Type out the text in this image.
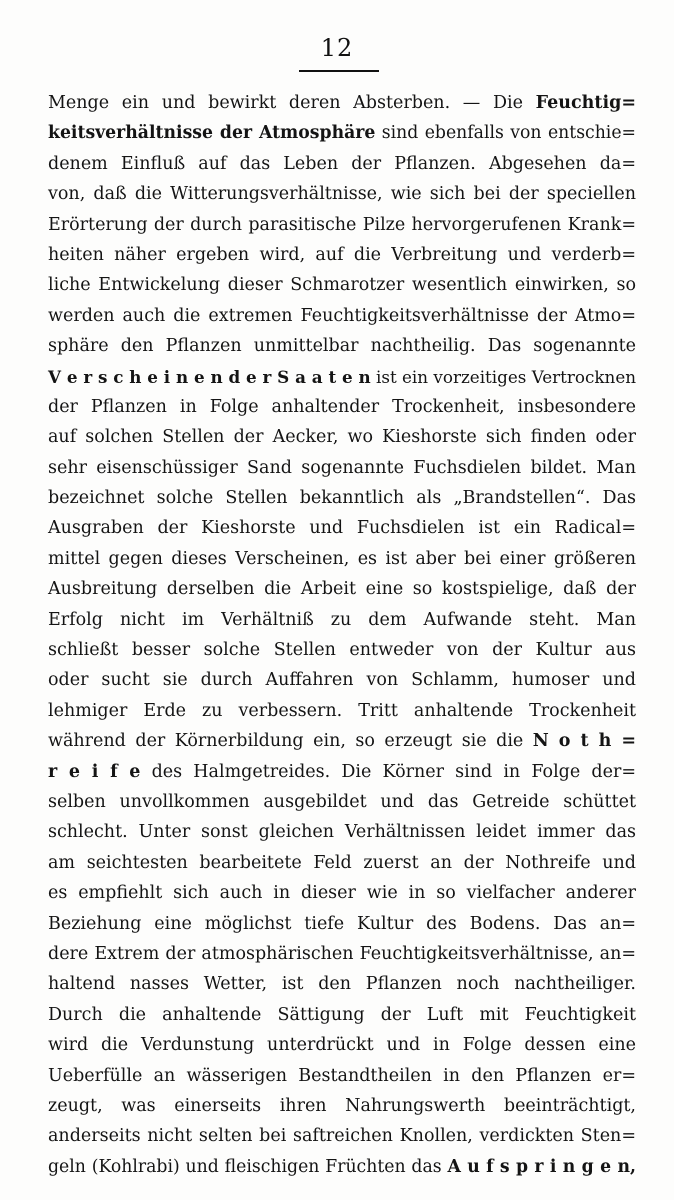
12
Menge ein und bewirkt deren Absterben. — Die Feuchtig=
keitsverhältnisse der Atmosphäre sind ebenfalls von entschie=
denem Einfluß auf das Leben der Pflanzen. Abgesehen da=
von, daß die Witterungsverhältnisse, wie sich bei der speciellen
Erörterung der durch parasitische Pilze hervorgerufenen Krank=
heiten näher ergeben wird, auf die Verbreitung und verderb=
liche Entwickelung dieser Schmarotzer wesentlich einwirken, so
werden auch die extremen Feuchtigkeitsverhältnisse der Atmo=
sphäre den Pflanzen unmittelbar nachtheilig. Das sogenannte
V e r s c h e i n e n d e r S a a t e n ist ein vorzeitiges Vertrocknen
der Pflanzen in Folge anhaltender Trockenheit, insbesondere
auf solchen Stellen der Aecker, wo Kieshorste sich finden oder
sehr eisenschüssiger Sand sogenannte Fuchsdielen bildet. Man
bezeichnet solche Stellen bekanntlich als „Brandstellen“. Das
Ausgraben der Kieshorste und Fuchsdielen ist ein Radical=
mittel gegen dieses Verscheinen, es ist aber bei einer größeren
Ausbreitung derselben die Arbeit eine so kostspielige, daß der
Erfolg nicht im Verhältniß zu dem Aufwande steht. Man
schließt besser solche Stellen entweder von der Kultur aus
oder sucht sie durch Auffahren von Schlamm, humoser und
lehmiger Erde zu verbessern. Tritt anhaltende Trockenheit
während der Körnerbildung ein, so erzeugt sie die N o t h =
r e i f e des Halmgetreides. Die Körner sind in Folge der=
selben unvollkommen ausgebildet und das Getreide schüttet
schlecht. Unter sonst gleichen Verhältnissen leidet immer das
am seichtesten bearbeitete Feld zuerst an der Nothreife und
es empfiehlt sich auch in dieser wie in so vielfacher anderer
Beziehung eine möglichst tiefe Kultur des Bodens. Das an=
dere Extrem der atmosphärischen Feuchtigkeitsverhältnisse, an=
haltend nasses Wetter, ist den Pflanzen noch nachtheiliger.
Durch die anhaltende Sättigung der Luft mit Feuchtigkeit
wird die Verdunstung unterdrückt und in Folge dessen eine
Ueberfülle an wässerigen Bestandtheilen in den Pflanzen er=
zeugt, was einerseits ihren Nahrungswerth beeinträchtigt,
anderseits nicht selten bei saftreichen Knollen, verdickten Sten=
geln (Kohlrabi) und fleischigen Früchten das A u f s p r i n g e n,
